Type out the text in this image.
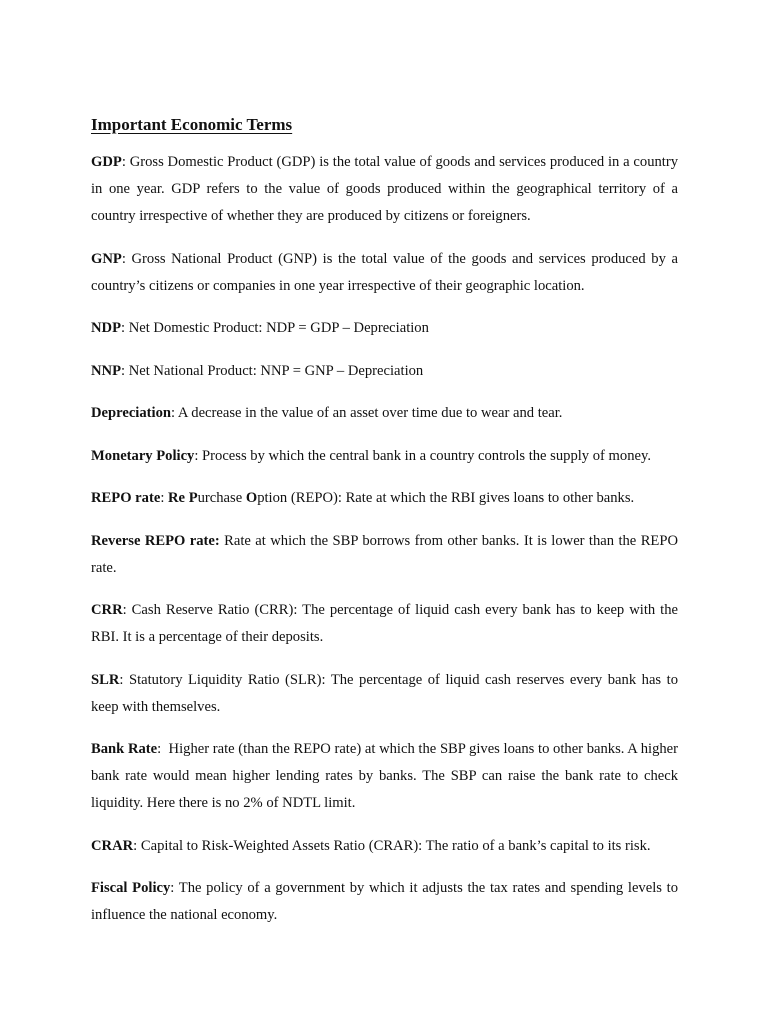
Important Economic Terms

GDP: Gross Domestic Product (GDP) is the total value of goods and services produced in a country in one year. GDP refers to the value of goods produced within the geographical territory of a country irrespective of whether they are produced by citizens or foreigners.

GNP: Gross National Product (GNP) is the total value of the goods and services produced by a country’s citizens or companies in one year irrespective of their geographic location.

NDP: Net Domestic Product: NDP = GDP – Depreciation

NNP: Net National Product: NNP = GNP – Depreciation

Depreciation: A decrease in the value of an asset over time due to wear and tear.

Monetary Policy: Process by which the central bank in a country controls the supply of money.

REPO rate: Re Purchase Option (REPO): Rate at which the RBI gives loans to other banks.

Reverse REPO rate: Rate at which the SBP borrows from other banks. It is lower than the REPO rate.

CRR: Cash Reserve Ratio (CRR): The percentage of liquid cash every bank has to keep with the RBI. It is a percentage of their deposits.

SLR: Statutory Liquidity Ratio (SLR): The percentage of liquid cash reserves every bank has to keep with themselves.

Bank Rate:  Higher rate (than the REPO rate) at which the SBP gives loans to other banks. A higher bank rate would mean higher lending rates by banks. The SBP can raise the bank rate to check liquidity. Here there is no 2% of NDTL limit.

CRAR: Capital to Risk-Weighted Assets Ratio (CRAR): The ratio of a bank’s capital to its risk.

Fiscal Policy: The policy of a government by which it adjusts the tax rates and spending levels to influence the national economy.
